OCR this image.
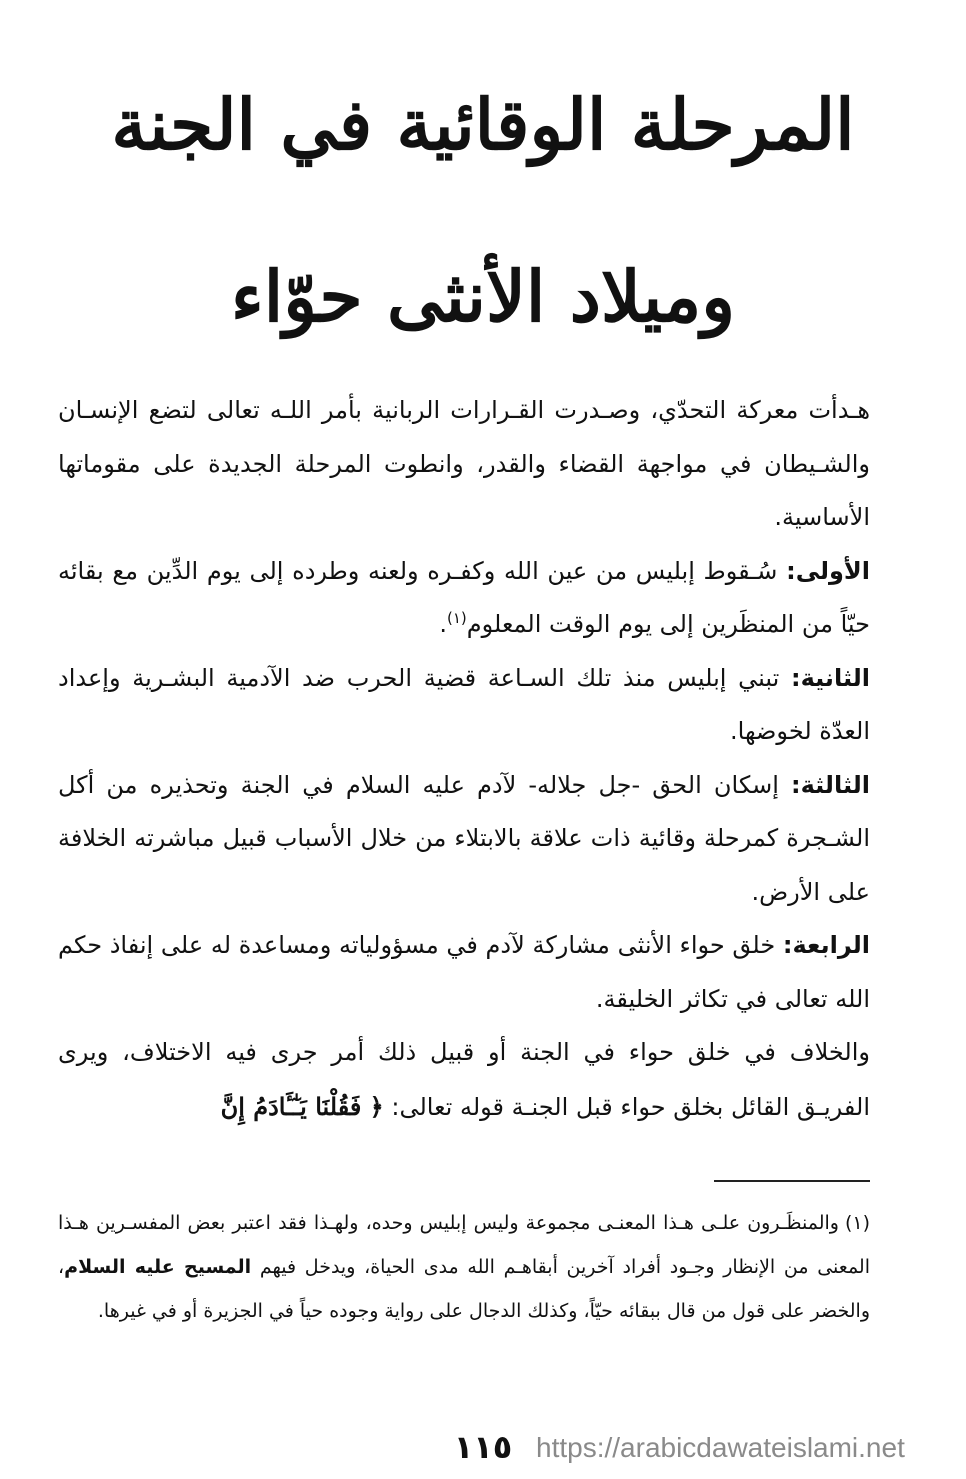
المرحلة الوقائية في الجنة
وميلاد الأنثى حوّاء

هـدأت معركة التحدّي، وصـدرت القـرارات الربانية بأمر اللـه تعالى لتضع الإنسـان والشـيطان في مواجهة القضاء والقدر، وانطوت المرحلة الجديدة على مقوماتها الأساسية.

الأولى: سُـقوط إبليس من عين الله وكفـره ولعنه وطرده إلى يوم الدِّين مع بقائه حيّاً من المنظَرين إلى يوم الوقت المعلوم$^{(١)}$.

الثانية: تبني إبليس منذ تلك السـاعة قضية الحرب ضد الآدمية البشـرية وإعداد العدّة لخوضها.

الثالثة: إسكان الحق -جل جلاله- لآدم عليه السلام في الجنة وتحذيره من أكل الشـجرة كمرحلة وقائية ذات علاقة بالابتلاء من خلال الأسباب قبيل مباشرته الخلافة على الأرض.

الرابعة: خلق حواء الأنثى مشاركة لآدم في مسؤولياته ومساعدة له على إنفاذ حكم الله تعالى في تكاثر الخليقة.

والخلاف في خلق حواء في الجنة أو قبيل ذلك أمر جرى فيه الاختلاف، ويرى الفريـق القائل بخلق حواء قبل الجنـة قوله تعالى: ﴿ فَقُلْنَا يَـٰٓـَٔادَمُ إِنَّ

(١)والمنظَـرون علـى هـذا المعنـى مجموعة وليس إبليس وحده، ولهـذا فقد اعتبر بعض المفسـرين هـذا المعنى من الإنظار وجـود أفراد آخرين أبقاهـم الله مدى الحياة، ويدخل فيهم المسيح عليه السلام، والخضر على قول من قال ببقائه حيّاً، وكذلك الدجال على رواية وجوده حياً في الجزيرة أو في غيرها.
١١٥ https://arabicdawateislami.net
